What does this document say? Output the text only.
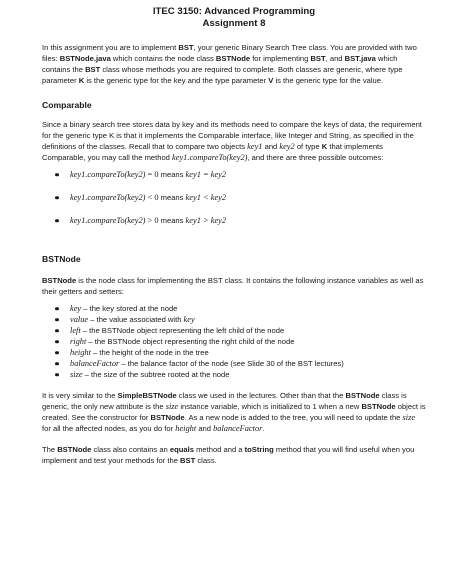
ITEC 3150: Advanced Programming

Assignment 8

In this assignment you are to implement BST, your generic Binary Search Tree class. You are provided with two files: BSTNode.java which contains the node class BSTNode for implementing BST, and BST.java which contains the BST class whose methods you are required to complete. Both classes are generic, where type parameter K is the generic type for the key and the type parameter V is the generic type for the value.

Comparable

Since a binary search tree stores data by key and its methods need to compare the keys of data, the requirement for the generic type K is that it implements the Comparable interface, like Integer and String, as specified in the definitions of the classes. Recall that to compare two objects key1 and key2 of type K that implements Comparable, you may call the method key1.compareTo(key2), and there are three possible outcomes:

key1.compareTo(key2) = 0 means key1 = key2
key1.compareTo(key2) < 0 means key1 < key2
key1.compareTo(key2) > 0 means key1 > key2
BSTNode

BSTNode is the node class for implementing the BST class. It contains the following instance variables as well as their getters and setters:

key – the key stored at the node
value – the value associated with key
left – the BSTNode object representing the left child of the node
right – the BSTNode object representing the right child of the node
height – the height of the node in the tree
balanceFactor – the balance factor of the node (see Slide 30 of the BST lectures)
size – the size of the subtree rooted at the node

It is very similar to the SimpleBSTNode class we used in the lectures. Other than that the BSTNode class is generic, the only new attribute is the size instance variable, which is initialized to 1 when a new BSTNode object is created. See the constructor for BSTNode. As a new node is added to the tree, you will need to update the size for all the affected nodes, as you do for height and balanceFactor.

The BSTNode class also contains an equals method and a toString method that you will find useful when you implement and test your methods for the BST class.
